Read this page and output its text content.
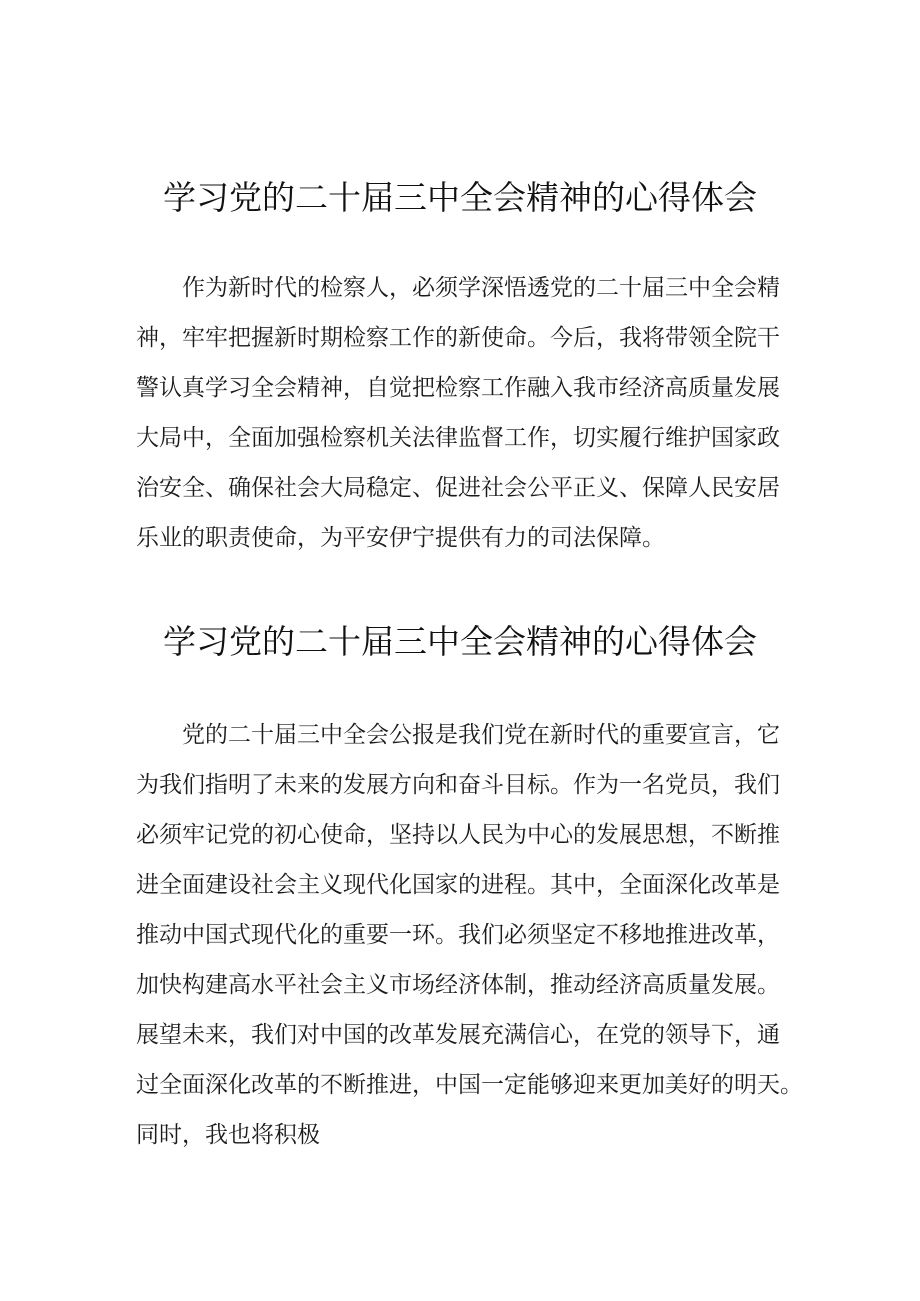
学习党的二十届三中全会精神的心得体会
　　作为新时代的检察人，必须学深悟透党的二十届三中全会精
神，牢牢把握新时期检察工作的新使命。今后，我将带领全院干
警认真学习全会精神，自觉把检察工作融入我市经济高质量发展
大局中，全面加强检察机关法律监督工作，切实履行维护国家政
治安全、确保社会大局稳定、促进社会公平正义、保障人民安居
乐业的职责使命，为平安伊宁提供有力的司法保障。
学习党的二十届三中全会精神的心得体会
　　党的二十届三中全会公报是我们党在新时代的重要宣言，它
为我们指明了未来的发展方向和奋斗目标。作为一名党员，我们
必须牢记党的初心使命，坚持以人民为中心的发展思想，不断推
进全面建设社会主义现代化国家的进程。其中，全面深化改革是
推动中国式现代化的重要一环。我们必须坚定不移地推进改革，
加快构建高水平社会主义市场经济体制，推动经济高质量发展。
展望未来，我们对中国的改革发展充满信心，在党的领导下，通
过全面深化改革的不断推进，中国一定能够迎来更加美好的明天。
同时，我也将积极
